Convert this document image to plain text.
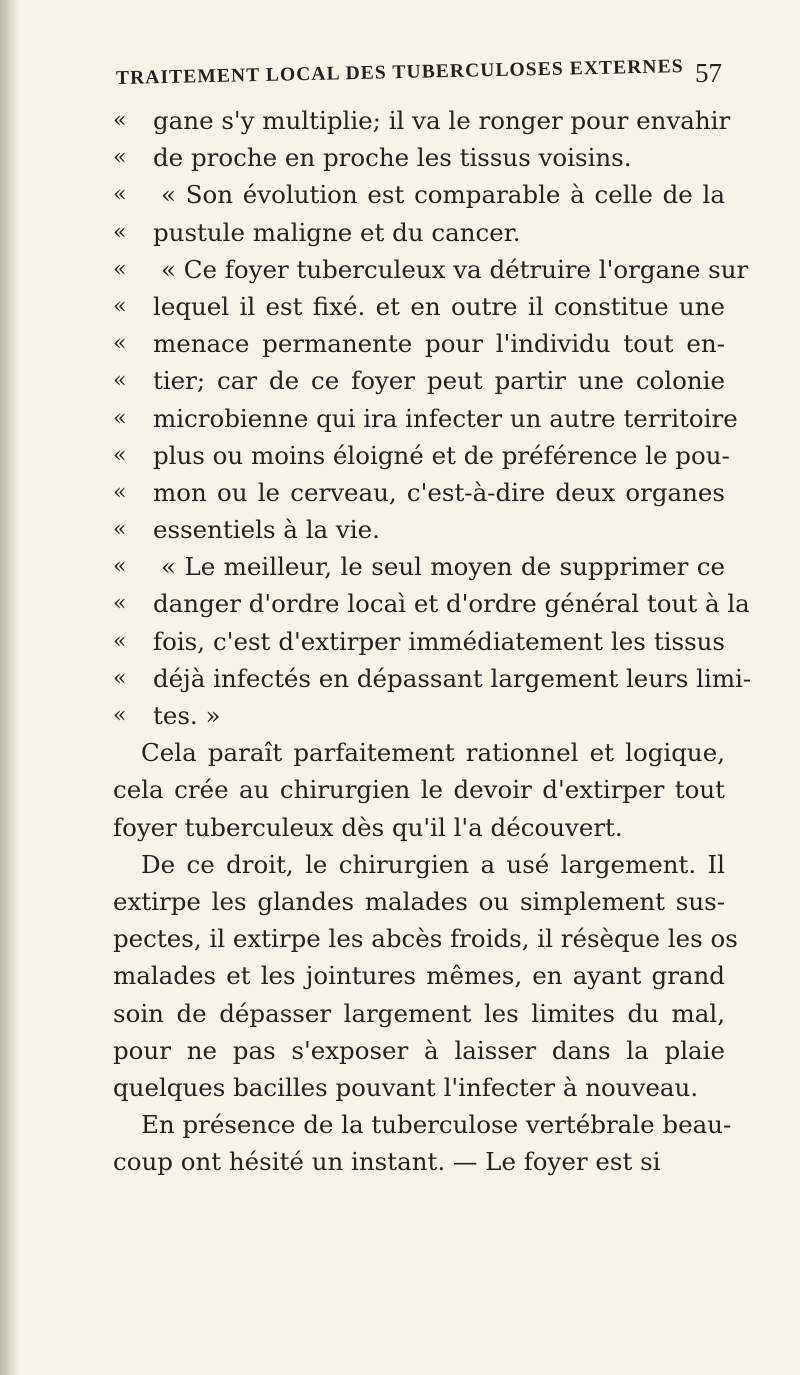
TRAITEMENT LOCAL DES TUBERCULOSES EXTERNES 57
«	gane s'y multiplie; il va le ronger pour envahir
«	de proche en proche les tissus voisins.
«	« Son évolution est comparable à celle de la
«	pustule maligne et du cancer.
«	« Ce foyer tuberculeux va détruire l'organe sur
«	lequel il est fixé. et en outre il constitue une
«	menace permanente pour l'individu tout en-
«	tier; car de ce foyer peut partir une colonie
«	microbienne qui ira infecter un autre territoire
«	plus ou moins éloigné et de préférence le pou-
«	mon ou le cerveau, c'est-à-dire deux organes
«	essentiels à la vie.
«	« Le meilleur, le seul moyen de supprimer ce
«	danger d'ordre locaì et d'ordre général tout à la
«	fois, c'est d'extirper immédiatement les tissus
«	déjà infectés en dépassant largement leurs limi-
«	tes. »
Cela paraît parfaitement rationnel et logique,
cela crée au chirurgien le devoir d'extirper tout
foyer tuberculeux dès qu'il l'a découvert.
De ce droit, le chirurgien a usé largement. Il
extirpe les glandes malades ou simplement sus-
pectes, il extirpe les abcès froids, il résèque les os
malades et les jointures mêmes, en ayant grand
soin de dépasser largement les limites du mal,
pour ne pas s'exposer à laisser dans la plaie
quelques bacilles pouvant l'infecter à nouveau.
En présence de la tuberculose vertébrale beau-
coup ont hésité un instant. — Le foyer est si
